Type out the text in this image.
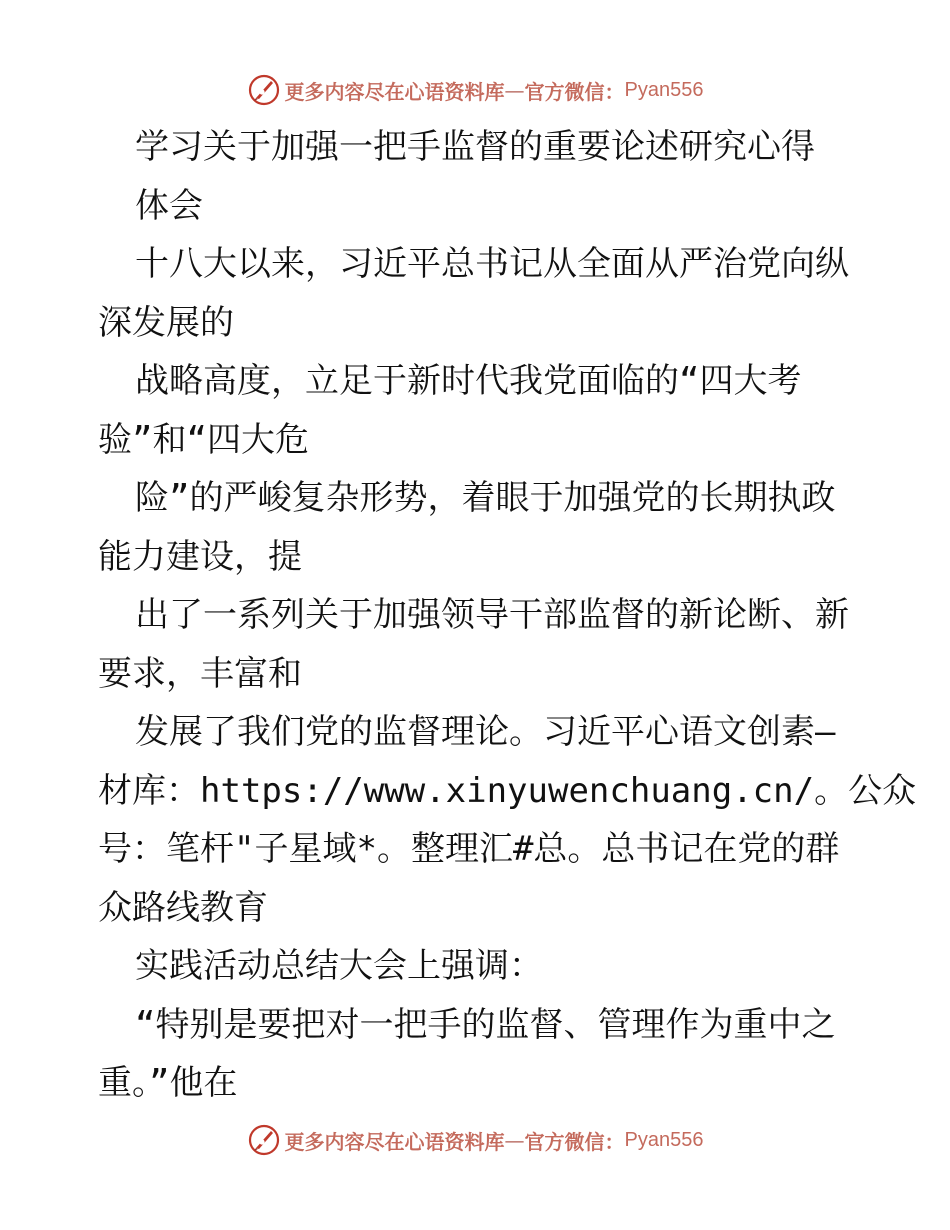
更多内容尽在心语资料库 — 官方微信： Pyan556
学习关于加强一把手监督的重要论述研究心得
体会
十八大以来，习近平总书记从全面从严治党向纵
深发展的
战略高度，立足于新时代我党面临的“四大考
验”和“四大危
险”的严峻复杂形势，着眼于加强党的长期执政
能力建设，提
出了一系列关于加强领导干部监督的新论断、新
要求，丰富和
发展了我们党的监督理论。习近平心语文创素—
材库：https://www.xinyuwenchuang.cn/。公众
号：笔杆"子星域*。整理汇#总。总书记在党的群
众路线教育
实践活动总结大会上强调：
“特别是要把对一把手的监督、管理作为重中之
重。”他在
更多内容尽在心语资料库 — 官方微信： Pyan556
